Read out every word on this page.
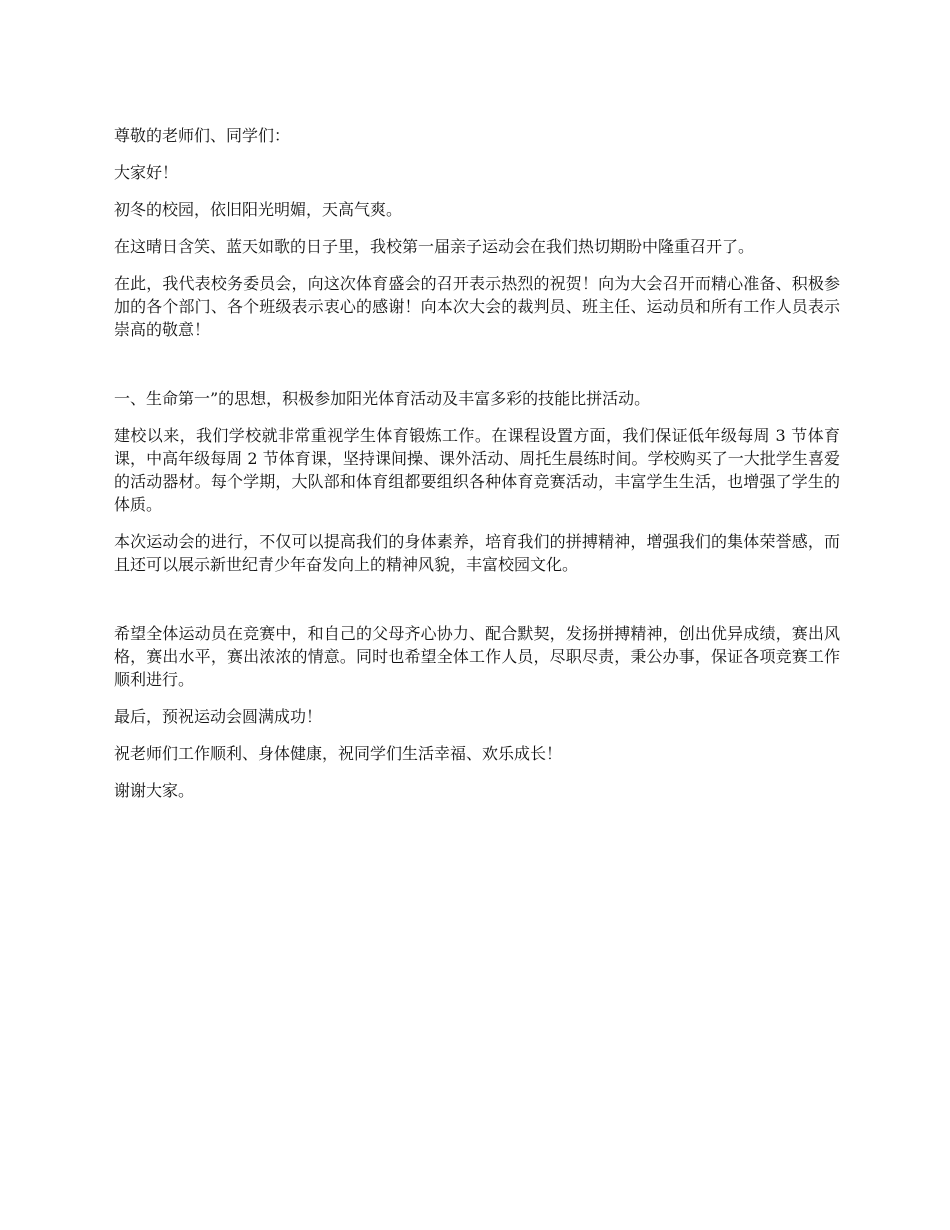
尊敬的老师们、同学们：

大家好！

初冬的校园，依旧阳光明媚，天高气爽。

在这晴日含笑、蓝天如歌的日子里，我校第一届亲子运动会在我们热切期盼中隆重召开了。

在此，我代表校务委员会，向这次体育盛会的召开表示热烈的祝贺！向为大会召开而精心准备、积极参加的各个部门、各个班级表示衷心的感谢！向本次大会的裁判员、班主任、运动员和所有工作人员表示崇高的敬意！

一、生命第一”的思想，积极参加阳光体育活动及丰富多彩的技能比拼活动。

建校以来，我们学校就非常重视学生体育锻炼工作。在课程设置方面，我们保证低年级每周 3 节体育课，中高年级每周 2 节体育课，坚持课间操、课外活动、周托生晨练时间。学校购买了一大批学生喜爱的活动器材。每个学期，大队部和体育组都要组织各种体育竞赛活动，丰富学生生活，也增强了学生的体质。

本次运动会的进行，不仅可以提高我们的身体素养，培育我们的拼搏精神，增强我们的集体荣誉感，而且还可以展示新世纪青少年奋发向上的精神风貌，丰富校园文化。

希望全体运动员在竞赛中，和自己的父母齐心协力、配合默契，发扬拼搏精神，创出优异成绩，赛出风格，赛出水平，赛出浓浓的情意。同时也希望全体工作人员，尽职尽责，秉公办事，保证各项竞赛工作顺利进行。

最后，预祝运动会圆满成功！

祝老师们工作顺利、身体健康，祝同学们生活幸福、欢乐成长！

谢谢大家。
